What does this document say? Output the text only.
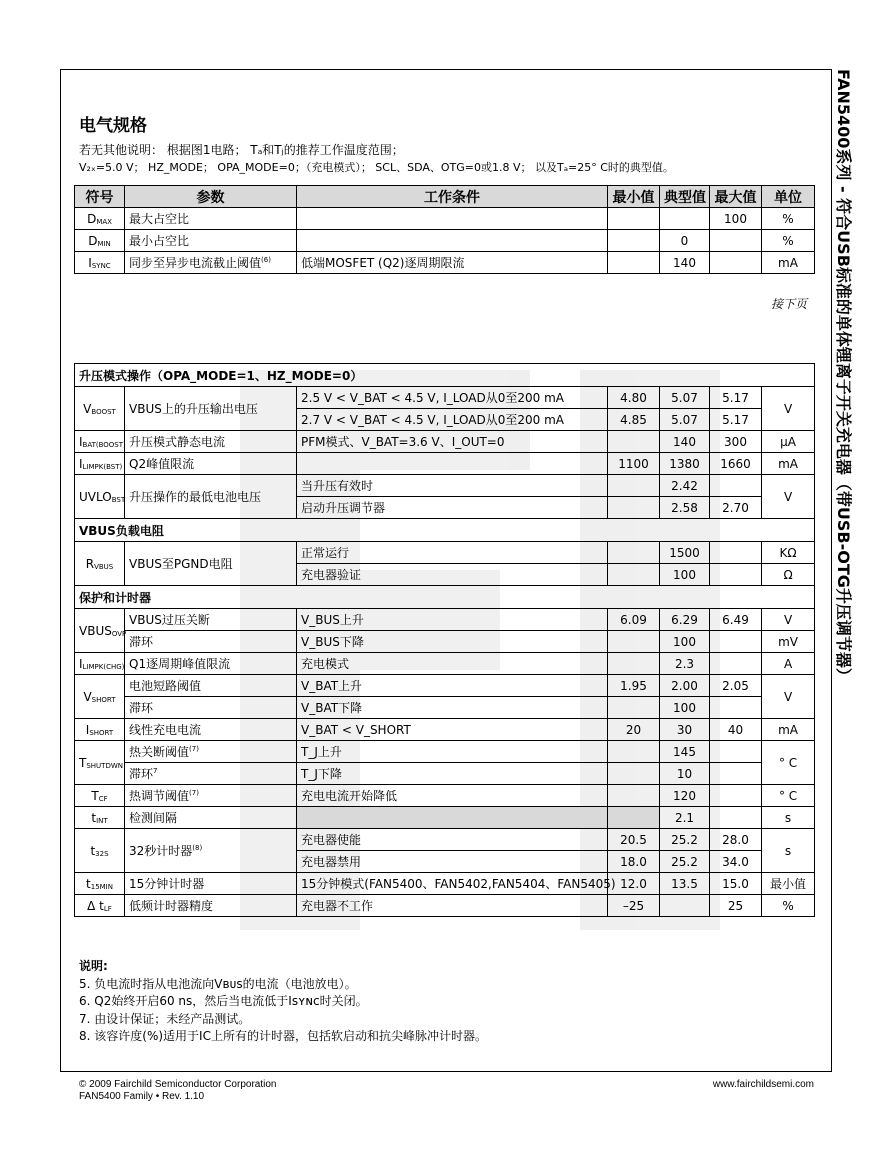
FAN5400系列 - 符合USB标准的单体锂离子开关充电器（带USB-OTG升压调节器）
电气规格
若无其他说明： 根据图1电路； Tₐ和Tⱼ的推荐工作温度范围；
V₂ₓ=5.0 V； HZ_MODE； OPA_MODE=0；（充电模式）； SCL、SDA、OTG=0或1.8 V； 以及Tₐ=25° C时的典型值。
符号	参数	工作条件	最小值	典型值	最大值	单位
DMAX	最大占空比				100	%
DMIN	最小占空比			0		%
ISYNC	同步至异步电流截止阈值$^{(6)}$	低端MOSFET (Q2)逐周期限流		140		mA
接下页
升压模式操作（OPA_MODE=1、HZ_MODE=0）						
VBOOST	VBUS上的升压输出电压	2.5 V < V_BAT < 4.5 V, I_LOAD从0至200 mA	4.80	5.07	5.17	V
		2.7 V < V_BAT < 4.5 V, I_LOAD从0至200 mA	4.85	5.07	5.17	
IBAT(BOOST)	升压模式静态电流	PFM模式、V_BAT=3.6 V、I_OUT=0		140	300	μA
ILIMPK(BST)	Q2峰值限流		1100	1380	1660	mA
UVLOBST	升压操作的最低电池电压	当升压有效时		2.42		V
		启动升压调节器		2.58	2.70	
VBUS负载电阻						
RVBUS	VBUS至PGND电阻	正常运行		1500		KΩ
		充电器验证		100		Ω
保护和计时器						
VBUSOVP	VBUS过压关断	V_BUS上升	6.09	6.29	6.49	V
	滞环	V_BUS下降		100		mV
ILIMPK(CHG)	Q1逐周期峰值限流	充电模式		2.3		A
VSHORT	电池短路阈值	V_BAT上升	1.95	2.00	2.05	V
	滞环	V_BAT下降		100		
ISHORT	线性充电电流	V_BAT < V_SHORT	20	30	40	mA
TSHUTDWN	热关断阈值$^{(7)}$	T_J上升		145		° C
	滞环$^7$	T_J下降		10		
TCF	热调节阈值$^{(7)}$	充电电流开始降低		120		° C
tINT	检测间隔			2.1		s
t32S	32秒计时器$^{(8)}$	充电器使能	20.5	25.2	28.0	s
		充电器禁用	18.0	25.2	34.0	
t15MIN	15分钟计时器	15分钟模式(FAN5400、FAN5402,FAN5404、FAN5405)	12.0	13.5	15.0	最小值
Δ tLF	低频计时器精度	充电器不工作	–25		25	%
说明:
5. 负电流时指从电池流向Vʙᴜꜱ的电流（电池放电）。
6. Q2始终开启60 ns，然后当电流低于Iꜱʏɴᴄ时关闭。
7. 由设计保证；未经产品测试。
8. 该容许度(%)适用于IC上所有的计时器，包括软启动和抗尖峰脉冲计时器。
© 2009 Fairchild Semiconductor Corporation
FAN5400 Family • Rev. 1.10
www.fairchildsemi.com
